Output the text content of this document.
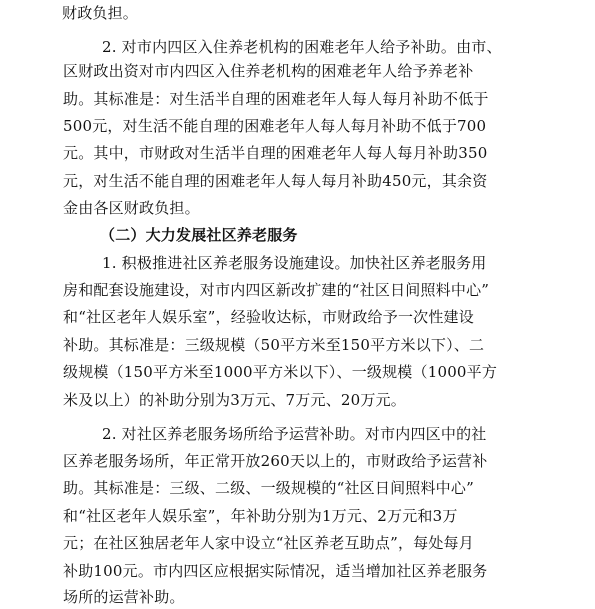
财政负担。
2. 对市内四区入住养老机构的困难老年人给予补助。由市、
区财政出资对市内四区入住养老机构的困难老年人给予养老补
助。其标准是：对生活半自理的困难老年人每人每月补助不低于
500元，对生活不能自理的困难老年人每人每月补助不低于700
元。其中，市财政对生活半自理的困难老年人每人每月补助350
元，对生活不能自理的困难老年人每人每月补助450元，其余资
金由各区财政负担。
（二）大力发展社区养老服务
1. 积极推进社区养老服务设施建设。加快社区养老服务用
房和配套设施建设，对市内四区新改扩建的“社区日间照料中心”
和“社区老年人娱乐室”，经验收达标，市财政给予一次性建设
补助。其标准是：三级规模（50平方米至150平方米以下）、二
级规模（150平方米至1000平方米以下）、一级规模（1000平方
米及以上）的补助分别为3万元、7万元、20万元。
2. 对社区养老服务场所给予运营补助。对市内四区中的社
区养老服务场所，年正常开放260天以上的，市财政给予运营补
助。其标准是：三级、二级、一级规模的“社区日间照料中心”
和“社区老年人娱乐室”，年补助分别为1万元、2万元和3万
元；在社区独居老年人家中设立“社区养老互助点”，每处每月
补助100元。市内四区应根据实际情况，适当增加社区养老服务
场所的运营补助。
